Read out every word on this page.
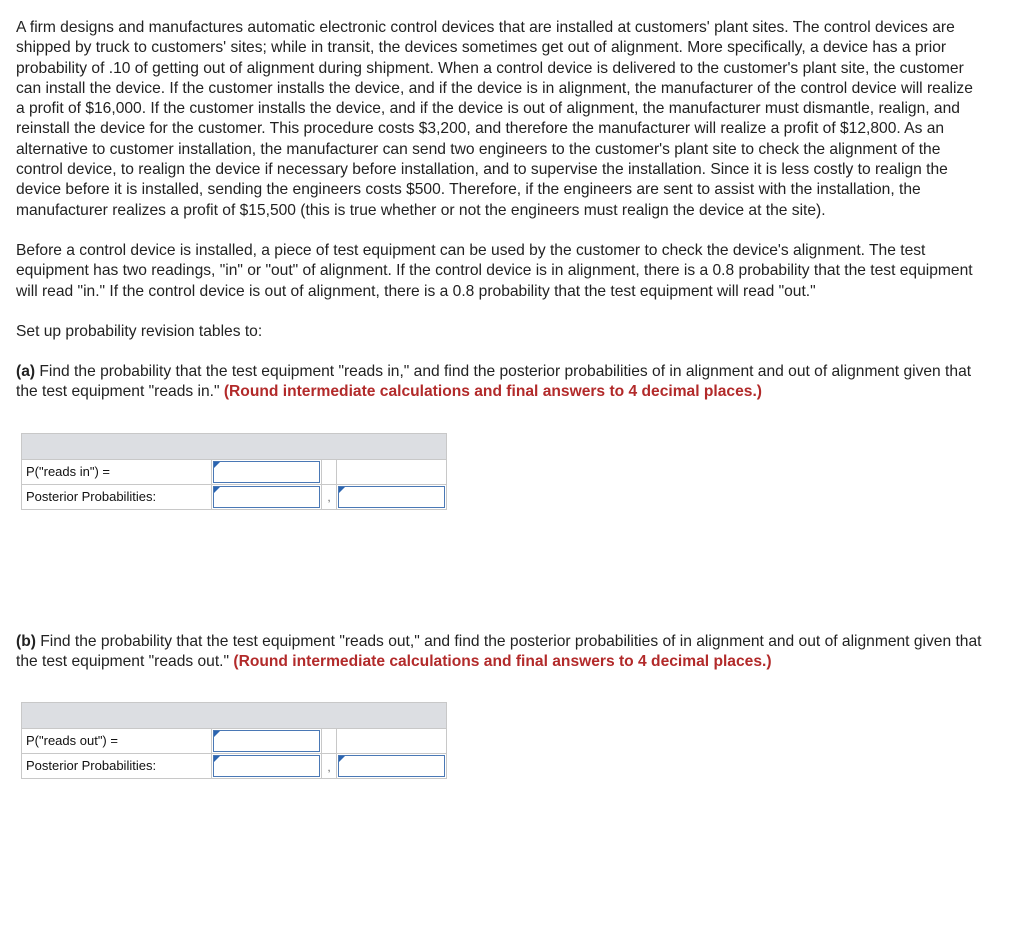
A firm designs and manufactures automatic electronic control devices that are installed at customers' plant sites. The control devices are shipped by truck to customers' sites; while in transit, the devices sometimes get out of alignment. More specifically, a device has a prior probability of .10 of getting out of alignment during shipment. When a control device is delivered to the customer's plant site, the customer can install the device. If the customer installs the device, and if the device is in alignment, the manufacturer of the control device will realize a profit of $16,000. If the customer installs the device, and if the device is out of alignment, the manufacturer must dismantle, realign, and reinstall the device for the customer. This procedure costs $3,200, and therefore the manufacturer will realize a profit of $12,800. As an alternative to customer installation, the manufacturer can send two engineers to the customer's plant site to check the alignment of the control device, to realign the device if necessary before installation, and to supervise the installation. Since it is less costly to realign the device before it is installed, sending the engineers costs $500. Therefore, if the engineers are sent to assist with the installation, the manufacturer realizes a profit of $15,500 (this is true whether or not the engineers must realign the device at the site).

Before a control device is installed, a piece of test equipment can be used by the customer to check the device's alignment. The test equipment has two readings, "in" or "out" of alignment. If the control device is in alignment, there is a 0.8 probability that the test equipment will read "in." If the control device is out of alignment, there is a 0.8 probability that the test equipment will read "out."

Set up probability revision tables to:

(a) Find the probability that the test equipment "reads in," and find the posterior probabilities of in alignment and out of alignment given that the test equipment "reads in." (Round intermediate calculations and final answers to 4 decimal places.)

P("reads in") =	

Posterior Probabilities:		,	

(b) Find the probability that the test equipment "reads out," and find the posterior probabilities of in alignment and out of alignment given that the test equipment "reads out." (Round intermediate calculations and final answers to 4 decimal places.)

P("reads out") =	

Posterior Probabilities:		,	
